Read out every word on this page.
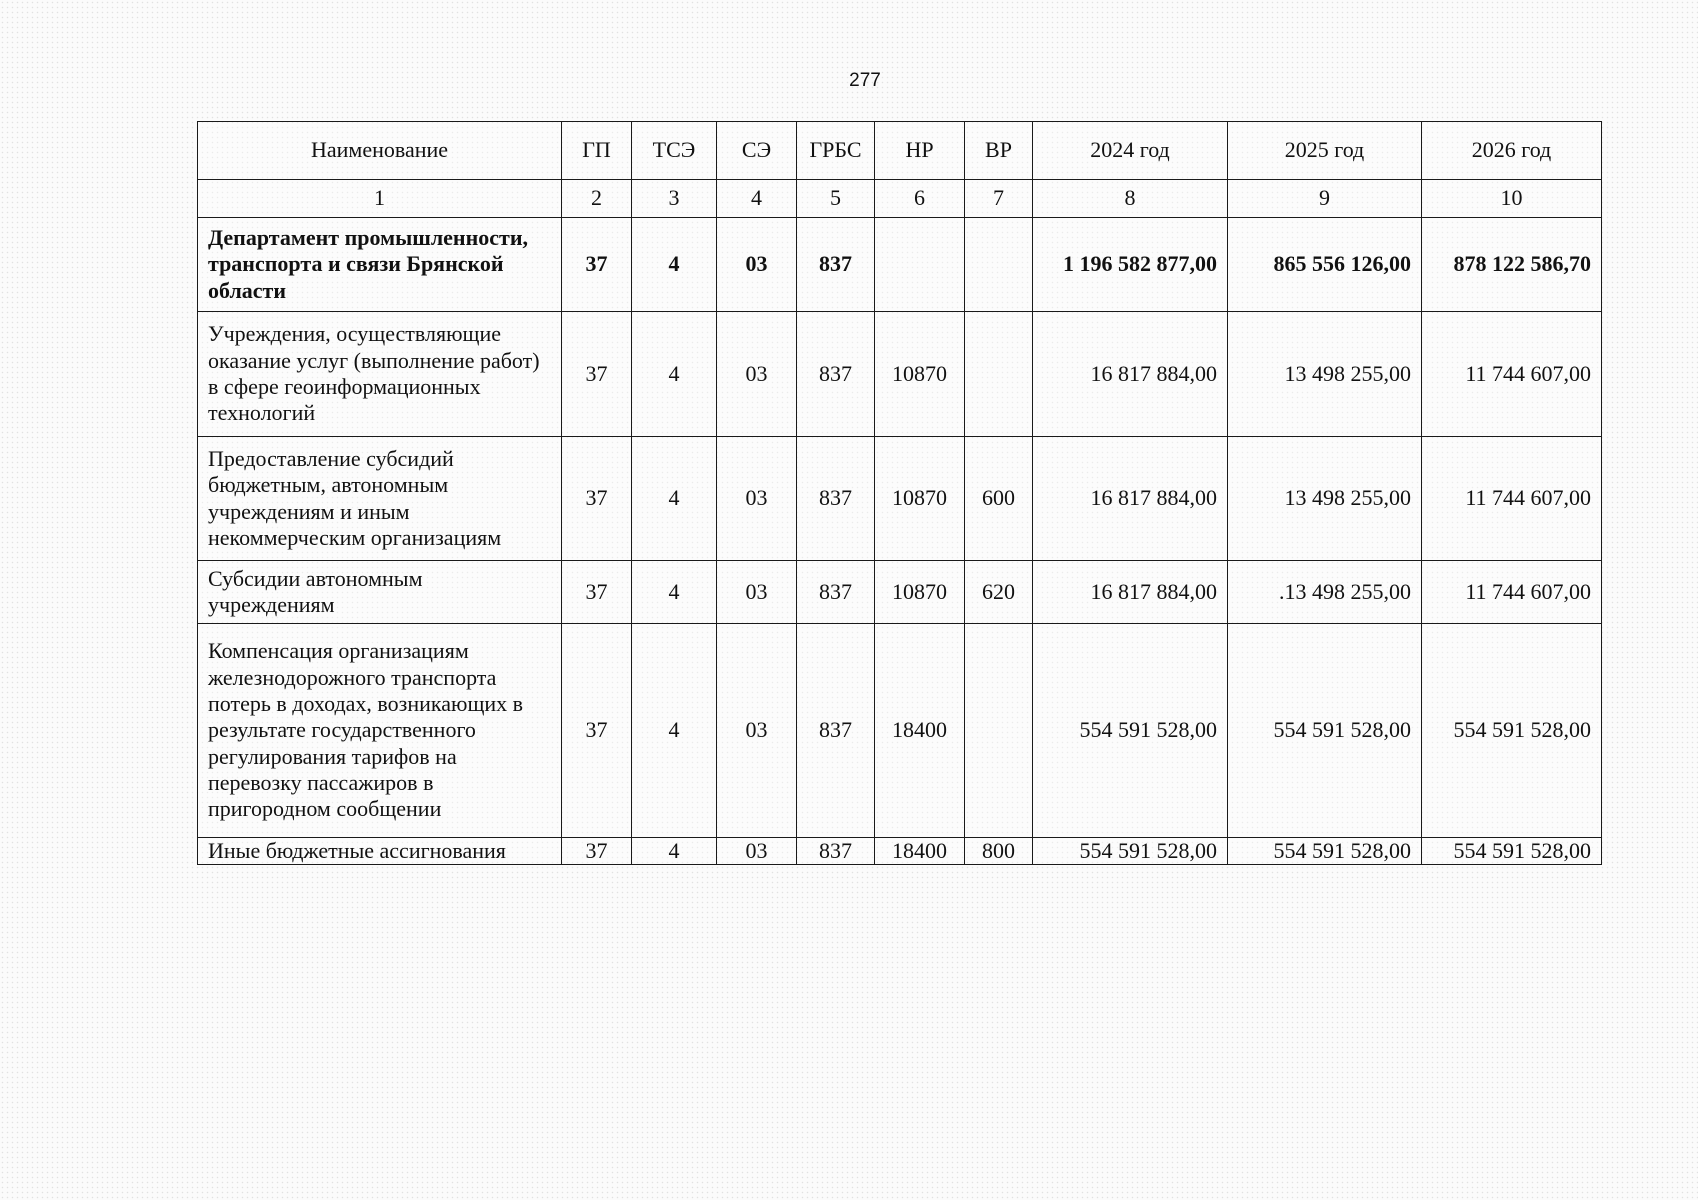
277
Наименование	ГП	ТСЭ	СЭ	ГРБС	НР	ВР	2024 год	2025 год	2026 год
1	2	3	4	5	6	7	8	9	10
Департамент промышленности, транспорта и связи Брянской области	37	4	03	837			1 196 582 877,00	865 556 126,00	878 122 586,70
Учреждения, осуществляющие оказание услуг (выполнение работ) в сфере геоинформационных технологий	37	4	03	837	10870		16 817 884,00	13 498 255,00	11 744 607,00
Предоставление субсидий бюджетным, автономным учреждениям и иным некоммерческим организациям	37	4	03	837	10870	600	16 817 884,00	13 498 255,00	11 744 607,00
Субсидии автономным учреждениям	37	4	03	837	10870	620	16 817 884,00	.13 498 255,00	11 744 607,00
Компенсация организациям железнодорожного транспорта потерь в доходах, возникающих в результате государственного регулирования тарифов на перевозку пассажиров в пригородном сообщении	37	4	03	837	18400		554 591 528,00	554 591 528,00	554 591 528,00
Иные бюджетные ассигнования	37	4	03	837	18400	800	554 591 528,00	554 591 528,00	554 591 528,00
